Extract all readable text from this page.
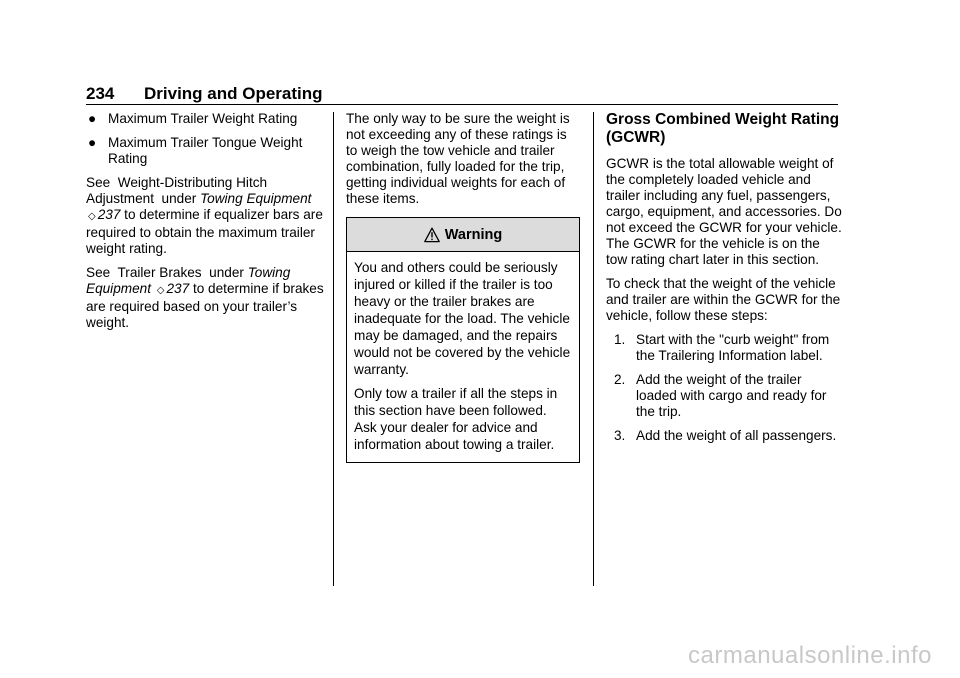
234 Driving and Operating
● Maximum Trailer Weight Rating
● Maximum Trailer Tongue Weight Rating

See  Weight-Distributing Hitch Adjustment  under Towing Equipment ◇ 237 to determine if equalizer bars are required to obtain the maximum trailer weight rating.

See  Trailer Brakes  under Towing Equipment ◇ 237 to determine if brakes are required based on your trailer’s weight.

The only way to be sure the weight is not exceeding any of these ratings is to weigh the tow vehicle and trailer combination, fully loaded for the trip, getting individual weights for each of these items.

Warning

You and others could be seriously injured or killed if the trailer is too heavy or the trailer brakes are inadequate for the load. The vehicle may be damaged, and the repairs would not be covered by the vehicle warranty.

Only tow a trailer if all the steps in this section have been followed. Ask your dealer for advice and information about towing a trailer.

Gross Combined Weight Rating (GCWR)

GCWR is the total allowable weight of the completely loaded vehicle and trailer including any fuel, passengers, cargo, equipment, and accessories. Do not exceed the GCWR for your vehicle. The GCWR for the vehicle is on the tow rating chart later in this section.

To check that the weight of the vehicle and trailer are within the GCWR for the vehicle, follow these steps:

1. Start with the "curb weight" from the Trailering Information label.
2. Add the weight of the trailer loaded with cargo and ready for the trip.
3. Add the weight of all passengers.
carmanualsonline.info
